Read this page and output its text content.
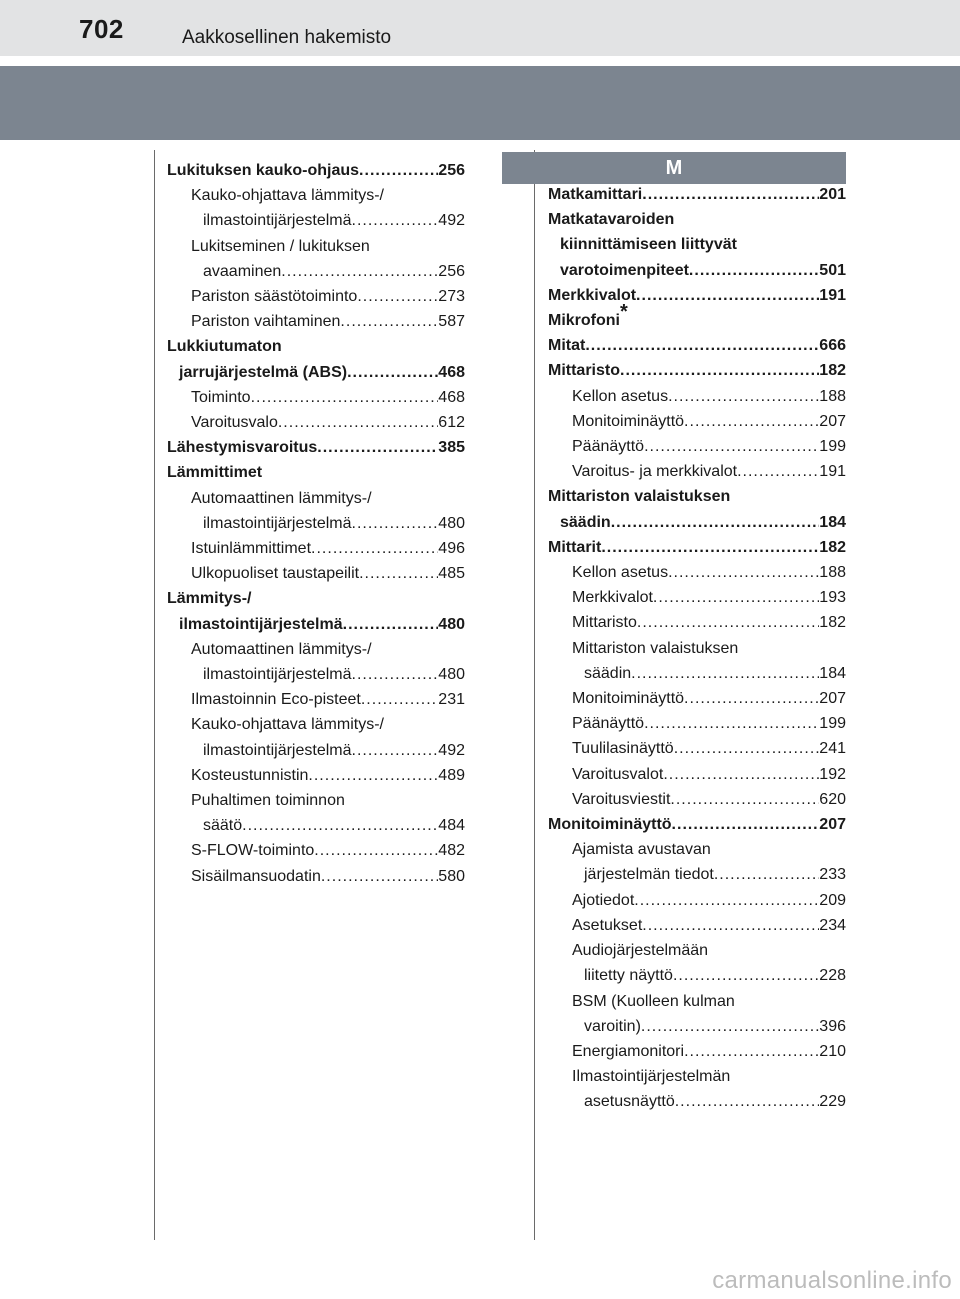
702	Aakkosellinen hakemisto
M
Lukituksen kauko-ohjaus .....	256
Kauko-ohjattava lämmitys-/
ilmastointijärjestelmä .....	492
Lukitseminen / lukituksen
avaaminen .....	256
Pariston säästötoiminto .....	273
Pariston vaihtaminen .....	587
Lukkiutumaton
jarrujärjestelmä (ABS) .....	468
Toiminto .....	468
Varoitusvalo .....	612
Lähestymisvaroitus .....	385
Lämmittimet
Automaattinen lämmitys-/
ilmastointijärjestelmä .....	480
Istuinlämmittimet .....	496
Ulkopuoliset taustapeilit .....	485
Lämmitys-/
ilmastointijärjestelmä .....	480
Automaattinen lämmitys-/
ilmastointijärjestelmä .....	480
Ilmastoinnin Eco-pisteet .....	231
Kauko-ohjattava lämmitys-/
ilmastointijärjestelmä .....	492
Kosteustunnistin .....	489
Puhaltimen toiminnon
säätö .....	484
S-FLOW-toiminto .....	482
Sisäilmansuodatin .....	580
Matkamittari .....	201
Matkatavaroiden
kiinnittämiseen liittyvät
varotoimenpiteet .....	501
Merkkivalot .....	191
Mikrofoni*
Mitat .....	666
Mittaristo .....	182
Kellon asetus .....	188
Monitoiminäyttö .....	207
Päänäyttö .....	199
Varoitus- ja merkkivalot .....	191
Mittariston valaistuksen
säädin .....	184
Mittarit .....	182
Kellon asetus .....	188
Merkkivalot .....	193
Mittaristo .....	182
Mittariston valaistuksen
säädin .....	184
Monitoiminäyttö .....	207
Päänäyttö .....	199
Tuulilasinäyttö .....	241
Varoitusvalot .....	192
Varoitusviestit .....	620
Monitoiminäyttö .....	207
Ajamista avustavan
järjestelmän tiedot .....	233
Ajotiedot .....	209
Asetukset .....	234
Audiojärjestelmään
liitetty näyttö .....	228
BSM (Kuolleen kulman
varoitin) .....	396
Energiamonitori .....	210
Ilmastointijärjestelmän
asetusnäyttö .....	229
carmanualsonline.info
